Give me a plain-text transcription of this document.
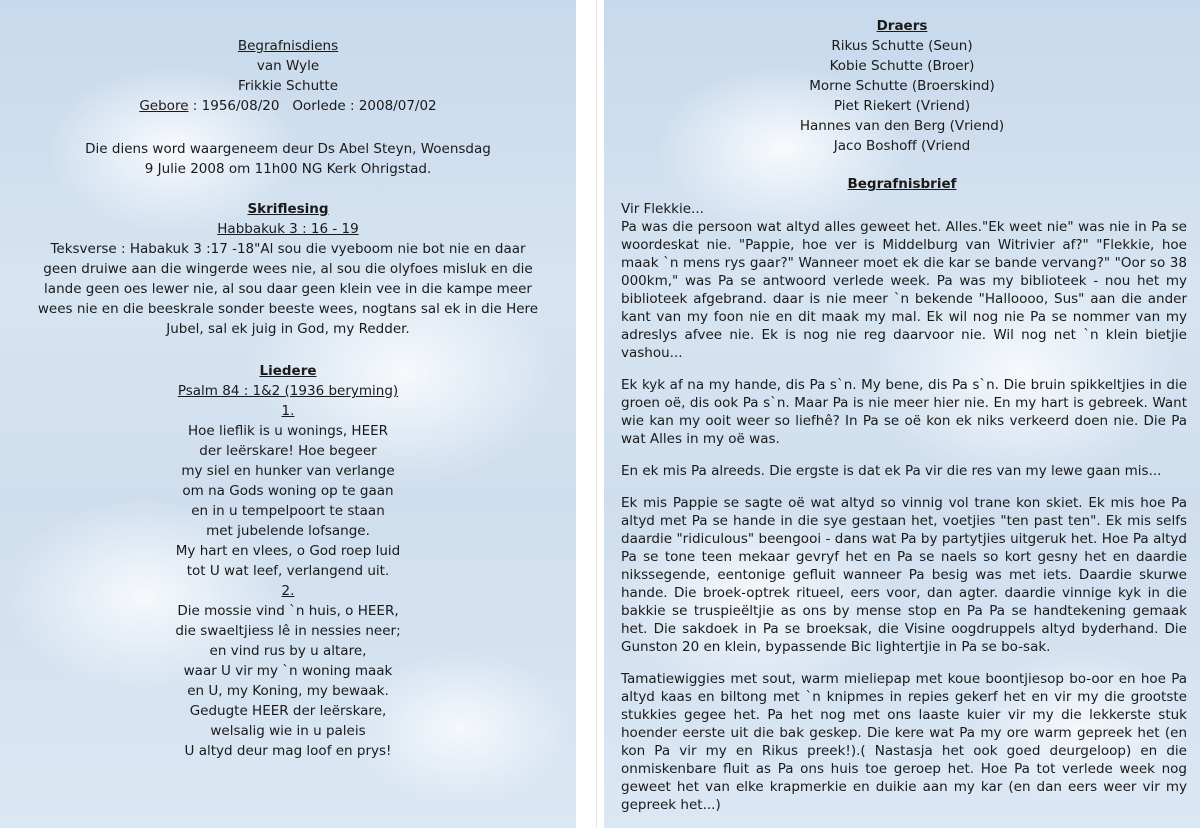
Begrafnisdiens
van Wyle
Frikkie Schutte
Gebore : 1956/08/20 Oorlede : 2008/07/02
Die diens word waargeneem deur Ds Abel Steyn, Woensdag
9 Julie 2008 om 11h00 NG Kerk Ohrigstad.
Skriflesing
Habbakuk 3 : 16 - 19
Teksverse : Habakuk 3 :17 -18"Al sou die vyeboom nie bot nie en daar
geen druiwe aan die wingerde wees nie, al sou die olyfoes misluk en die
lande geen oes lewer nie, al sou daar geen klein vee in die kampe meer
wees nie en die beeskrale sonder beeste wees, nogtans sal ek in die Here
Jubel, sal ek juig in God, my Redder.
Liedere
Psalm 84 : 1&2 (1936 beryming)
1.
Hoe lieflik is u wonings, HEER
der leërskare! Hoe begeer
my siel en hunker van verlange
om na Gods woning op te gaan
en in u tempelpoort te staan
met jubelende lofsange.
My hart en vlees, o God roep luid
tot U wat leef, verlangend uit.
2.
Die mossie vind `n huis, o HEER,
die swaeltjiess lê in nessies neer;
en vind rus by u altare,
waar U vir my `n woning maak
en U, my Koning, my bewaak.
Gedugte HEER der leërskare,
welsalig wie in u paleis
U altyd deur mag loof en prys!
Draers
Rikus Schutte (Seun)
Kobie Schutte (Broer)
Morne Schutte (Broerskind)
Piet Riekert (Vriend)
Hannes van den Berg (Vriend)
Jaco Boshoff (Vriend
Begrafnisbrief

Vir Flekkie...

Pa was die persoon wat altyd alles geweet het. Alles."Ek weet nie" was nie in Pa se woordeskat nie. "Pappie, hoe ver is Middelburg van Witrivier af?" "Flekkie, hoe maak `n mens rys gaar?" Wanneer moet ek die kar se bande vervang?" "Oor so 38 000km," was Pa se antwoord verlede week. Pa was my biblioteek - nou het my biblioteek afgebrand. daar is nie meer `n bekende "Halloooo, Sus" aan die ander kant van my foon nie en dit maak my mal. Ek wil nog nie Pa se nommer van my adreslys afvee nie. Ek is nog nie reg daarvoor nie. Wil nog net `n klein bietjie vashou...

Ek kyk af na my hande, dis Pa s`n. My bene, dis Pa s`n. Die bruin spikkeltjies in die groen oë, dis ook Pa s`n. Maar Pa is nie meer hier nie. En my hart is gebreek. Want wie kan my ooit weer so liefhê? In Pa se oë kon ek niks verkeerd doen nie. Die Pa wat Alles in my oë was.

En ek mis Pa alreeds. Die ergste is dat ek Pa vir die res van my lewe gaan mis...

Ek mis Pappie se sagte oë wat altyd so vinnig vol trane kon skiet. Ek mis hoe Pa altyd met Pa se hande in die sye gestaan het, voetjies "ten past ten". Ek mis selfs daardie "ridiculous" beengooi - dans wat Pa by partytjies uitgeruk het. Hoe Pa altyd Pa se tone teen mekaar gevryf het en Pa se naels so kort gesny het en daardie nikssegende, eentonige gefluit wanneer Pa besig was met iets. Daardie skurwe hande. Die broek-optrek ritueel, eers voor, dan agter. daardie vinnige kyk in die bakkie se truspieëltjie as ons by mense stop en Pa Pa se handtekening gemaak het. Die sakdoek in Pa se broeksak, die Visine oogdruppels altyd byderhand. Die Gunston 20 en klein, bypassende Bic lightertjie in Pa se bo-sak.

Tamatiewiggies met sout, warm mieliepap met koue boontjiesop bo-oor en hoe Pa altyd kaas en biltong met `n knipmes in repies gekerf het en vir my die grootste stukkies gegee het. Pa het nog met ons laaste kuier vir my die lekkerste stuk hoender eerste uit die bak geskep. Die kere wat Pa my ore warm gepreek het (en kon Pa vir my en Rikus preek!).( Nastasja het ook goed deurgeloop) en die onmiskenbare fluit as Pa ons huis toe geroep het. Hoe Pa tot verlede week nog geweet het van elke krapmerkie en duikie aan my kar (en dan eers weer vir my gepreek het...)
